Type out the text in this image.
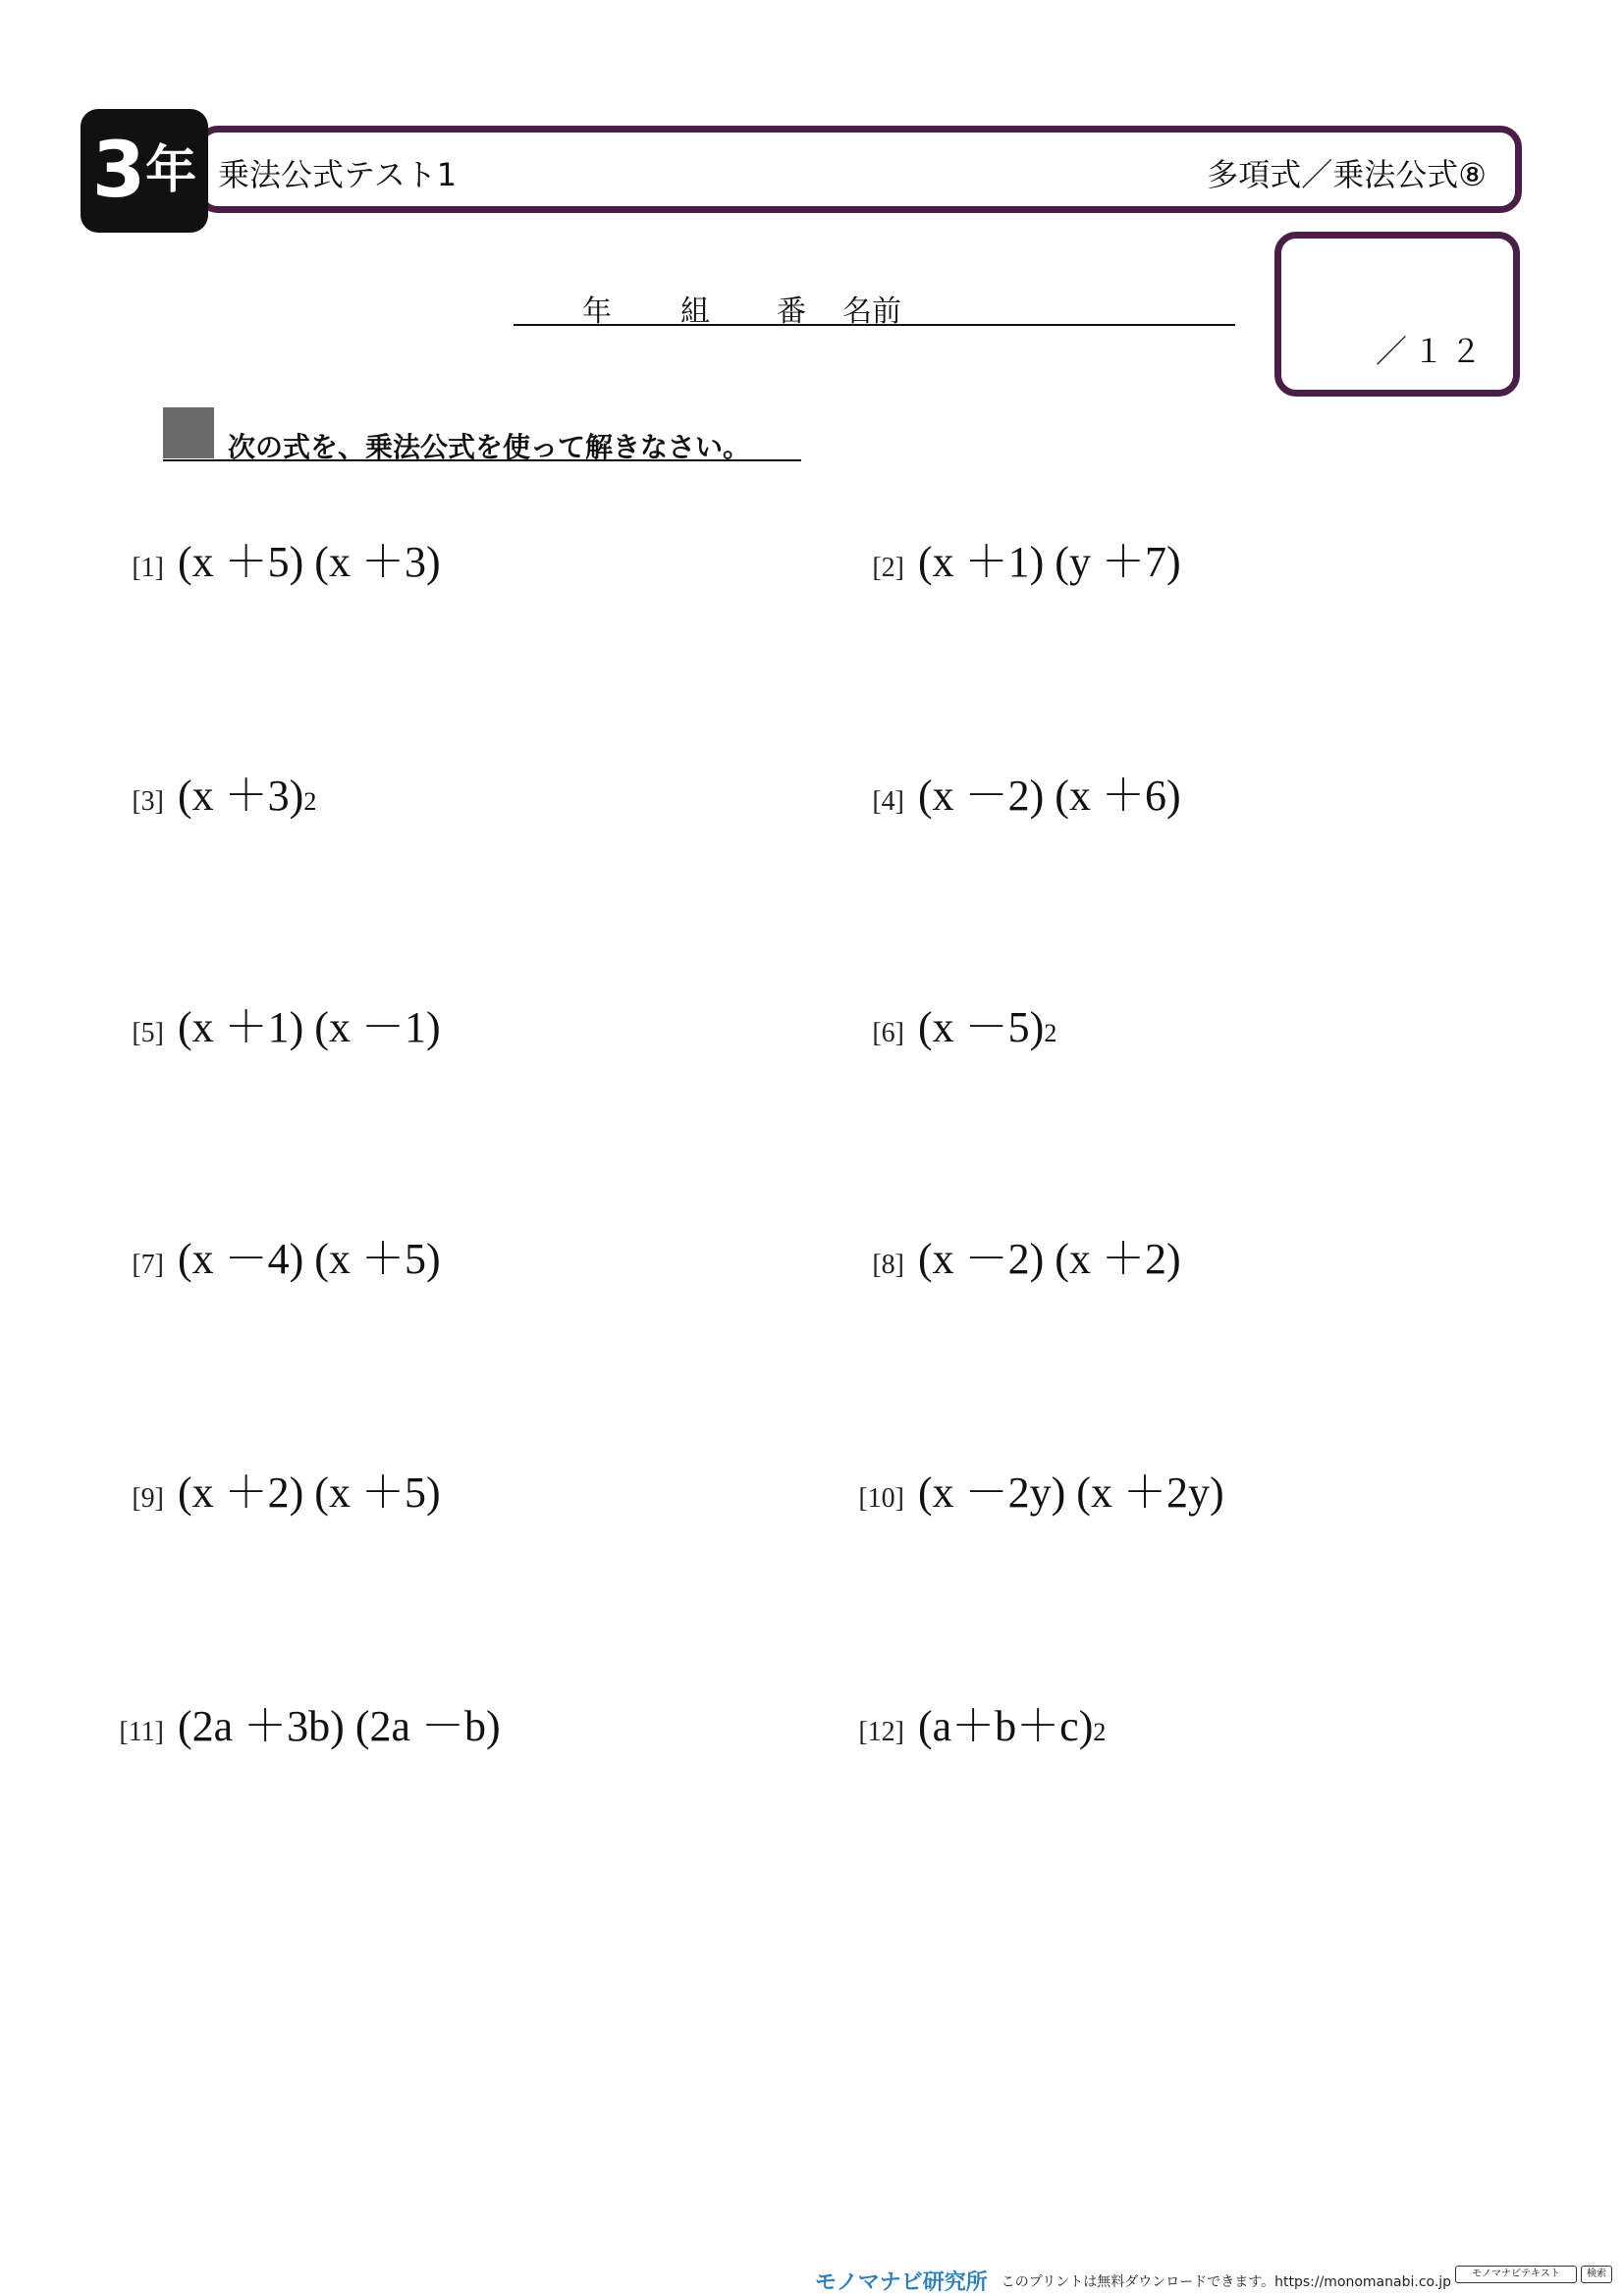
3 年 乗法公式テスト1	多項式／乗法公式⑧
年 組 番 名前
／１２
次の式を、乗法公式を使って解きなさい。
[1] (x ＋5) (x ＋3)	[2] (x ＋1) (y ＋7)
[3] (x ＋3) 2	[4] (x －2) (x ＋6)
[5] (x ＋1) (x －1)	[6] (x －5) 2
[7] (x －4) (x ＋5)	[8] (x －2) (x ＋2)
[9] (x ＋2) (x ＋5)	[10] (x －2y) (x ＋2y)
[11] (2a ＋3b) (2a －b)	[12] (a＋b＋c) 2
モノマナビ研究所 このプリントは無料ダウンロードできます。https://monomanabi.co.jp	モノマナビテキスト	検索
